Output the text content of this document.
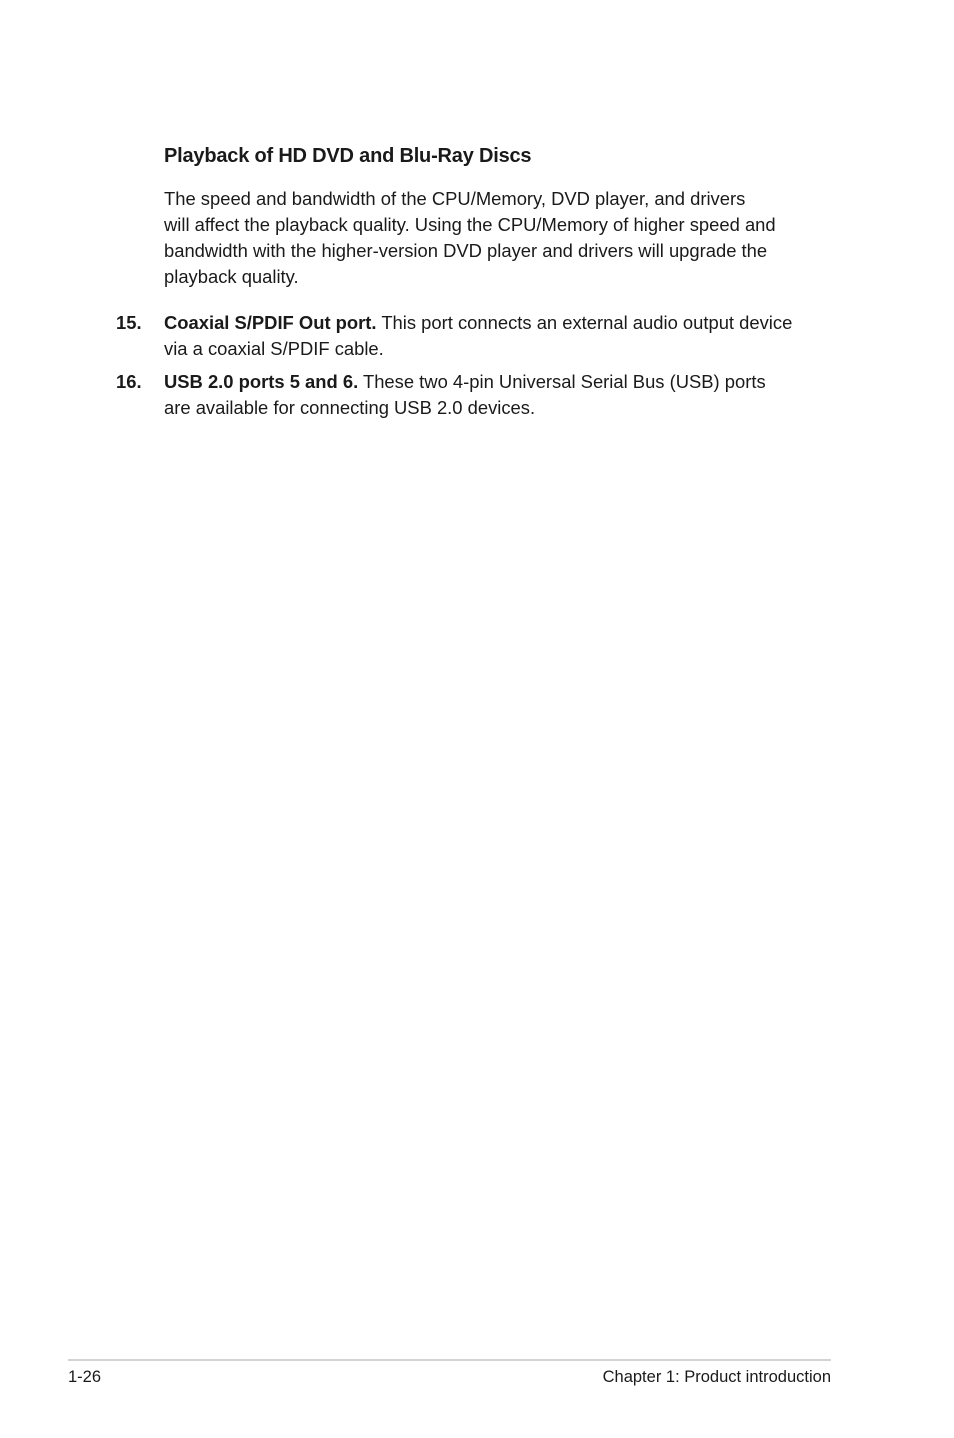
Playback of HD DVD and Blu-Ray Discs
The speed and bandwidth of the CPU/Memory, DVD player, and drivers
will affect the playback quality. Using the CPU/Memory of higher speed and
bandwidth with the higher-version DVD player and drivers will upgrade the
playback quality.
15. Coaxial S/PDIF Out port. This port connects an external audio output device
via a coaxial S/PDIF cable.
16. USB 2.0 ports 5 and 6. These two 4-pin Universal Serial Bus (USB) ports
are available for connecting USB 2.0 devices.
1-26	Chapter 1: Product introduction
